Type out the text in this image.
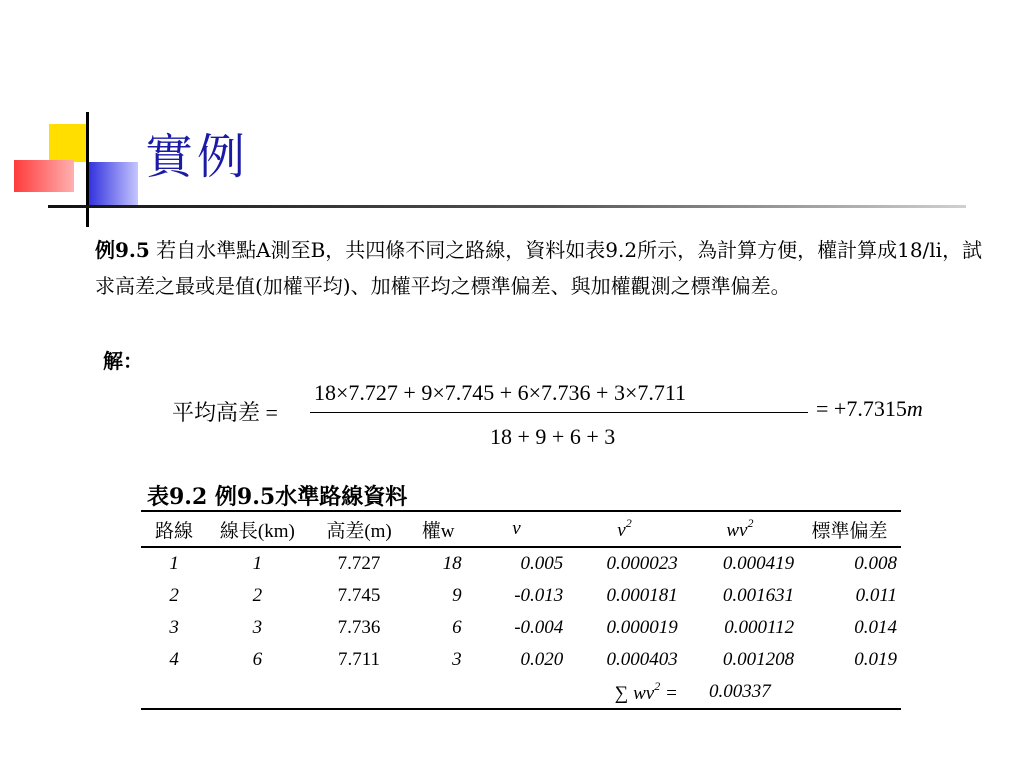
實例
例9.5 若自水準點A測至B，共四條不同之路線，資料如表9.2所示，為計算方便，權計算成18/li，試求高差之最或是值(加權平均)、加權平均之標準偏差、與加權觀測之標準偏差。
解：
平均高差 =
18×7.727 + 9×7.745 + 6×7.736 + 3×7.711
18 + 9 + 6 + 3
= +7.7315m
表9.2 例9.5水準路線資料
路線	線長(km)	高差(m)	權w	v	$v^2$	$wv^2$	標準偏差
1	1	7.727	18	0.005	0.000023	0.000419	0.008
2	2	7.745	9	-0.013	0.000181	0.001631	0.011
3	3	7.736	6	-0.004	0.000019	0.000112	0.014
4	6	7.711	3	0.020	0.000403	0.001208	0.019
					∑ $wv^2$ =	0.00337	
